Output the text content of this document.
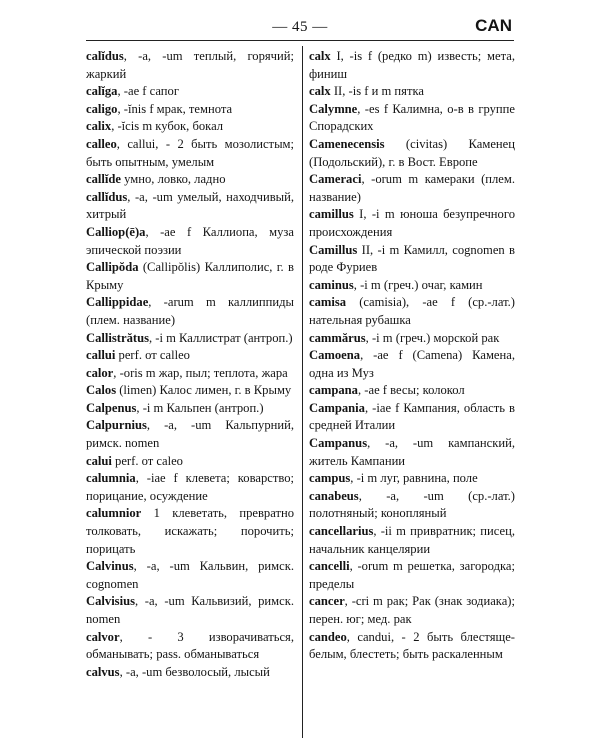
— 45 —	CAN
calĭdus, -a, -um теплый, горячий; жаркий
calĭga, -ae f сапог
caligo, -ĭnis f мрак, темнота
calix, -ĭcis m кубок, бокал
calleo, callui, - 2 быть мозолистым; быть опытным, умелым
callĭde умно, ловко, ладно
callĭdus, -a, -um умелый, находчивый, хитрый
Calliop(ē)a, -ae f Каллиопа, муза эпической поэзии
Callipŏda (Callipŏlis) Каллиполис, г. в Крыму
Callippidae, -arum m каллиппиды (плем. название)
Callistrătus, -i m Каллистрат (антроп.)
callui perf. от calleo
calor, -oris m жар, пыл; теплота, жара
Calos (limen) Калос лимен, г. в Крыму
Calpenus, -i m Кальпен (антроп.)
Calpurnius, -a, -um Кальпурний, римск. nomen
calui perf. от caleo
calumnia, -iae f клевета; коварство; порицание, осуждение
calumnior 1 клеветать, превратно толковать, искажать; порочить; порицать
Calvinus, -a, -um Кальвин, римск. cognomen
Calvisius, -a, -um Кальвизий, римск. nomen
calvor, - 3 изворачиваться, обманывать; pass. обманываться
calvus, -a, -um безволосый, лысый
calx I, -is f (редко m) известь; мета, финиш
calx II, -is f и m пятка
Calymne, -es f Калимна, о-в в группе Спорадских
Camenecensis (civitas) Каменец (Подольский), г. в Вост. Европе
Cameraci, -orum m камераки (плем. название)
camillus I, -i m юноша безупречного происхождения
Camillus II, -i m Камилл, cognomen в роде Фуриев
caminus, -i m (греч.) очаг, камин
camisa (camisia), -ae f (ср.-лат.) нательная рубашка
cammărus, -i m (греч.) морской рак
Camoena, -ae f (Camena) Камена, одна из Муз
campana, -ae f весы; колокол
Campania, -iae f Кампания, область в средней Италии
Campanus, -a, -um кампанский, житель Кампании
campus, -i m луг, равнина, поле
canabeus, -a, -um (ср.-лат.) полотняный; конопляный
cancellarius, -ii m привратник; писец, начальник канцелярии
cancelli, -orum m решетка, загородка; пределы
cancer, -cri m рак; Рак (знак зодиака); перен. юг; мед. рак
candeo, candui, - 2 быть блестяще-белым, блестеть; быть раскаленным
